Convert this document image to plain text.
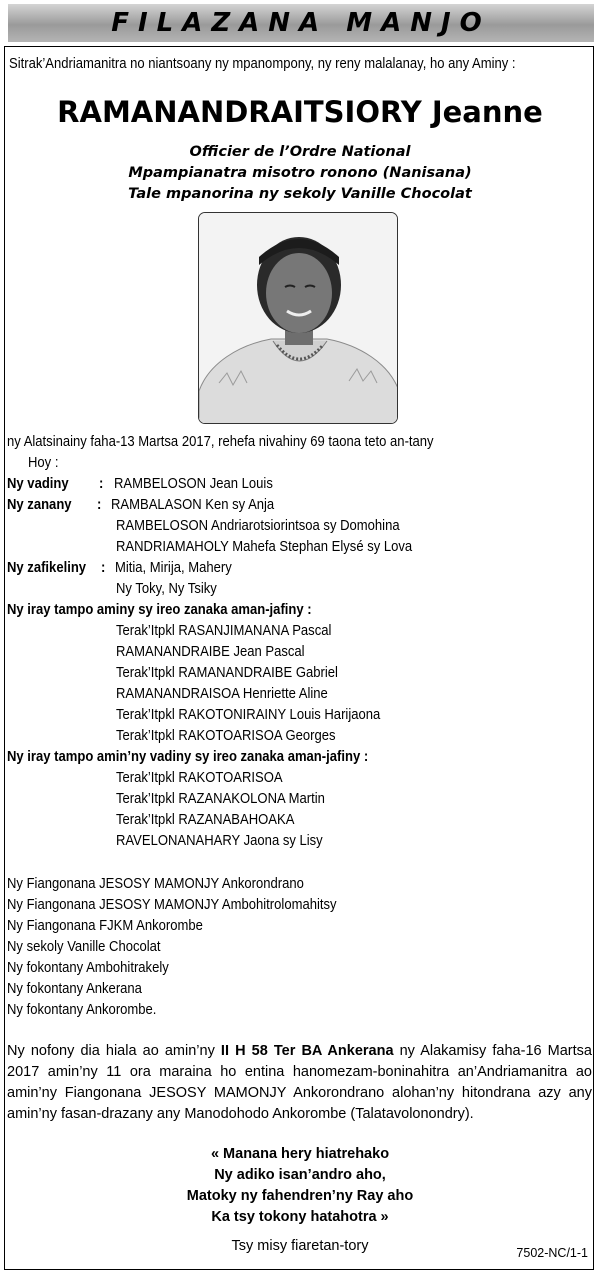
FILAZANA MANJO
Sitrak’Andriamanitra no niantsoany ny mpanompony, ny reny malalanay, ho any Aminy :
RAMANANDRAITSIORY Jeanne
Officier de l’Ordre National
Mpampianatra misotro ronono (Nanisana)
Tale mpanorina ny sekoly Vanille Chocolat
ny Alatsinainy faha-13 Martsa 2017, rehefa nivahiny 69 taona teto an-tany
Hoy :
Ny vadiny : RAMBELOSON Jean Louis
Ny zanany : RAMBALASON Ken sy Anja
RAMBELOSON Andriarotsiorintsoa sy Domohina
RANDRIAMAHOLY Mahefa Stephan Elysé sy Lova
Ny zafikeliny : Mitia, Mirija, Mahery
Ny Toky, Ny Tsiky
Ny iray tampo aminy sy ireo zanaka aman-jafiny :
Terak’Itpkl RASANJIMANANA Pascal
RAMANANDRAIBE Jean Pascal
Terak’Itpkl RAMANANDRAIBE Gabriel
RAMANANDRAISOA Henriette Aline
Terak’Itpkl RAKOTONIRAINY Louis Harijaona
Terak’Itpkl RAKOTOARISOA Georges
Ny iray tampo amin’ny vadiny sy ireo zanaka aman-jafiny :
Terak’Itpkl RAKOTOARISOA
Terak’Itpkl RAZANAKOLONA Martin
Terak’Itpkl RAZANABAHOAKA
RAVELONANAHARY Jaona sy Lisy
Ny Fiangonana JESOSY MAMONJY Ankorondrano
Ny Fiangonana JESOSY MAMONJY Ambohitrolomahitsy
Ny Fiangonana FJKM Ankorombe
Ny sekoly Vanille Chocolat
Ny fokontany Ambohitrakely
Ny fokontany Ankerana
Ny fokontany Ankorombe.
Ny nofony dia hiala ao amin’ny II H 58 Ter BA Ankerana ny Alakamisy faha-16 Martsa 2017 amin’ny 11 ora maraina ho entina hanomezam-boninahitra an’Andriamanitra ao amin’ny Fiangonana JESOSY MAMONJY Ankorondrano alohan’ny hitondrana azy any amin’ny fasan-drazany any Manodohodo Ankorombe (Talatavolonondry).
« Manana hery hiatrehako
Ny adiko isan’andro aho,
Matoky ny fahendren’ny Ray aho
Ka tsy tokony hatahotra »
Tsy misy fiaretan-tory	7502-NC/1-1
